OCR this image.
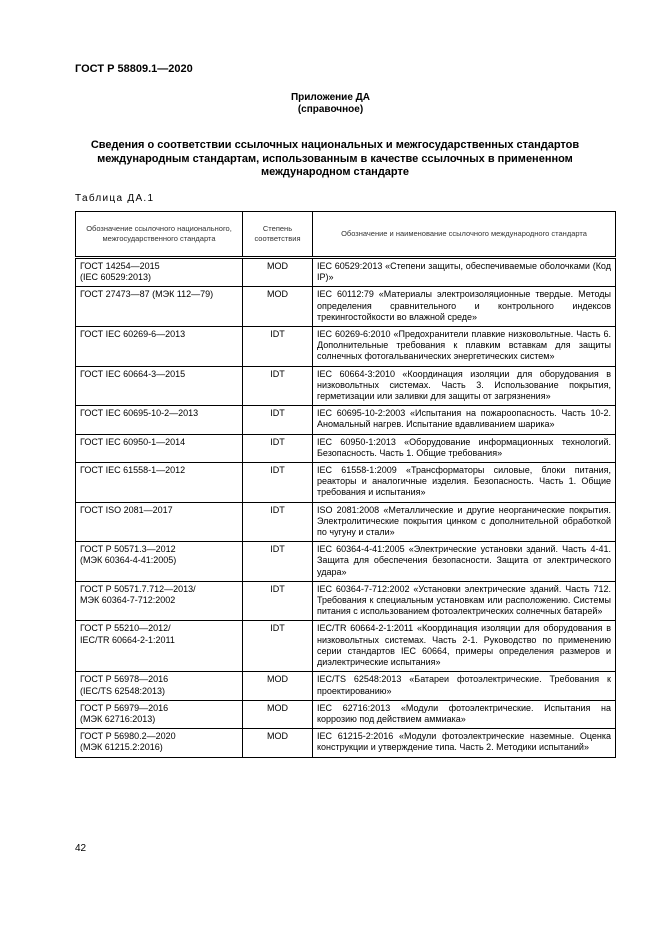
ГОСТ Р 58809.1—2020
Приложение ДА
(справочное)
Сведения о соответствии ссылочных национальных и межгосударственных стандартов международным стандартам, использованным в качестве ссылочных в примененном международном стандарте
Таблица ДА.1
Обозначение ссылочного национального, межгосударственного стандарта	Степень соответствия	Обозначение и наименование ссылочного международного стандарта
ГОСТ 14254—2015
(IEC 60529:2013)	MOD	IEC 60529:2013 «Степени защиты, обеспечиваемые оболочками (Код IP)»
ГОСТ 27473—87 (МЭК 112—79)	MOD	IEC 60112:79 «Материалы электроизоляционные твердые. Методы определения сравнительного и контрольного индексов трекингостойкости во влажной среде»
ГОСТ IEC 60269-6—2013	IDT	IEC 60269-6:2010 «Предохранители плавкие низковольтные. Часть 6. Дополнительные требования к плавким вставкам для защиты солнечных фотогальванических энергетических систем»
ГОСТ IEC 60664-3—2015	IDT	IEC 60664-3:2010 «Координация изоляции для оборудования в низковольтных системах. Часть 3. Использование покрытия, герметизации или заливки для защиты от загрязнения»
ГОСТ IEC 60695-10-2—2013	IDT	IEC 60695-10-2:2003 «Испытания на пожароопасность. Часть 10-2. Аномальный нагрев. Испытание вдавливанием шарика»
ГОСТ IEC 60950-1—2014	IDT	IEC 60950-1:2013 «Оборудование информационных технологий. Безопасность. Часть 1. Общие требования»
ГОСТ IEC 61558-1—2012	IDT	IEC 61558-1:2009 «Трансформаторы силовые, блоки питания, реакторы и аналогичные изделия. Безопасность. Часть 1. Общие требования и испытания»
ГОСТ ISO 2081—2017	IDT	ISO 2081:2008 «Металлические и другие неорганические покрытия. Электролитические покрытия цинком с дополнительной обработкой по чугуну и стали»
ГОСТ Р 50571.3—2012
(МЭК 60364-4-41:2005)	IDT	IEC 60364-4-41:2005 «Электрические установки зданий. Часть 4-41. Защита для обеспечения безопасности. Защита от электрического удара»
ГОСТ Р 50571.7.712—2013/
МЭК 60364-7-712:2002	IDT	IEC 60364-7-712:2002 «Установки электрические зданий. Часть 712. Требования к специальным установкам или расположению. Системы питания с использованием фотоэлектрических солнечных батарей»
ГОСТ Р 55210—2012/
IEC/TR 60664-2-1:2011	IDT	IEC/TR 60664-2-1:2011 «Координация изоляции для оборудования в низковольтных системах. Часть 2-1. Руководство по применению серии стандартов IEC 60664, примеры определения размеров и диэлектрические испытания»
ГОСТ Р 56978—2016
(IEC/TS 62548:2013)	MOD	IEC/TS 62548:2013 «Батареи фотоэлектрические. Требования к проектированию»
ГОСТ Р 56979—2016
(МЭК 62716:2013)	MOD	IEC 62716:2013 «Модули фотоэлектрические. Испытания на коррозию под действием аммиака»
ГОСТ Р 56980.2—2020
(МЭК 61215.2:2016)	MOD	IEC 61215-2:2016 «Модули фотоэлектрические наземные. Оценка конструкции и утверждение типа. Часть 2. Методики испытаний»
42
